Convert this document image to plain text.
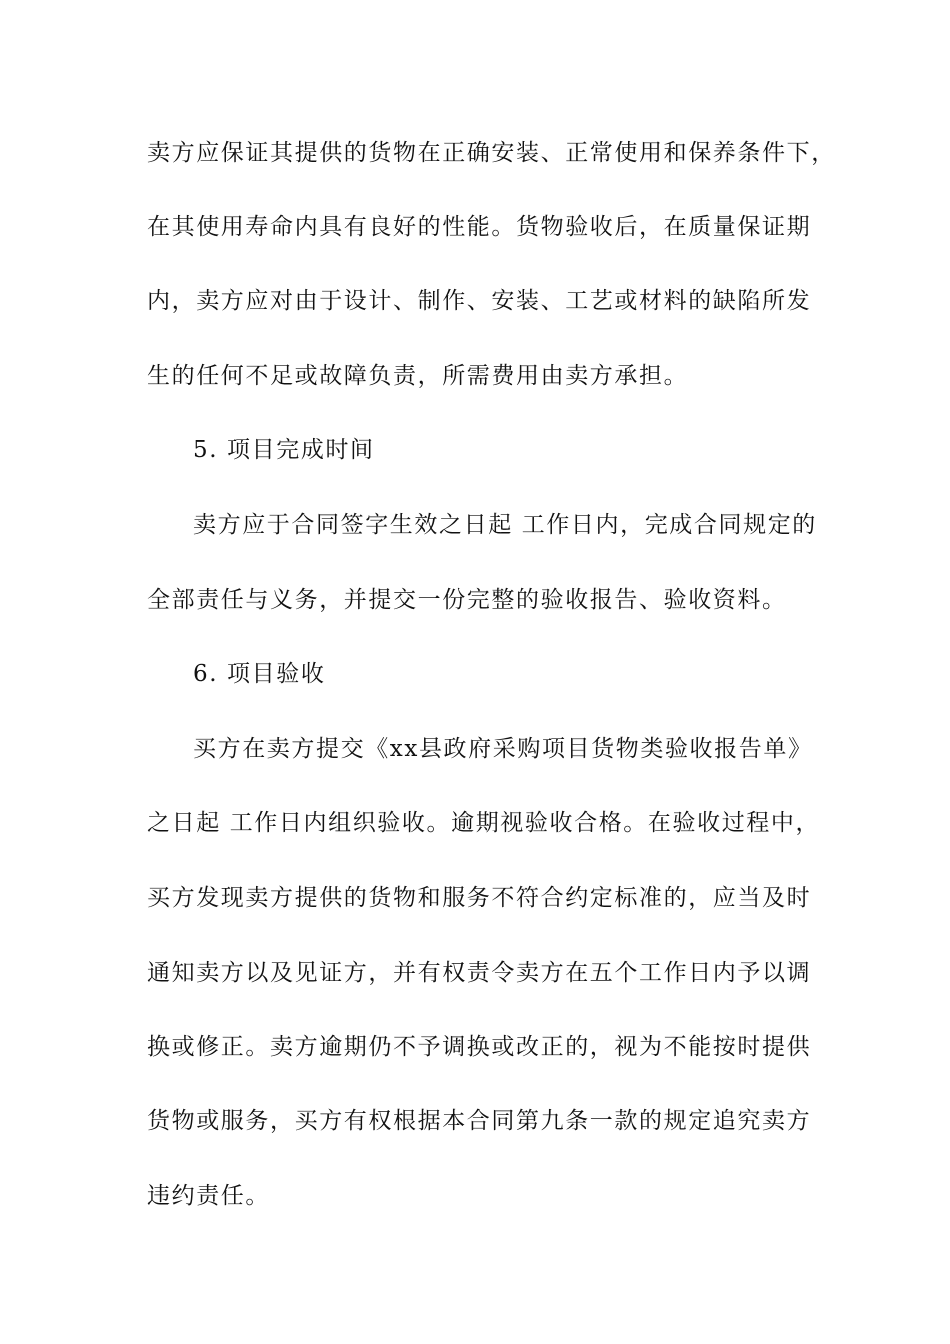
卖方应保证其提供的货物在正确安装、正常使用和保养条件下，
在其使用寿命内具有良好的性能。货物验收后，在质量保证期
内，卖方应对由于设计、制作、安装、工艺或材料的缺陷所发
生的任何不足或故障负责，所需费用由卖方承担。
5. 项目完成时间
卖方应于合同签字生效之日起 工作日内，完成合同规定的
全部责任与义务，并提交一份完整的验收报告、验收资料。
6. 项目验收
买方在卖方提交《xx县政府采购项目货物类验收报告单》
之日起 工作日内组织验收。逾期视验收合格。在验收过程中，
买方发现卖方提供的货物和服务不符合约定标准的，应当及时
通知卖方以及见证方，并有权责令卖方在五个工作日内予以调
换或修正。卖方逾期仍不予调换或改正的，视为不能按时提供
货物或服务，买方有权根据本合同第九条一款的规定追究卖方
违约责任。
